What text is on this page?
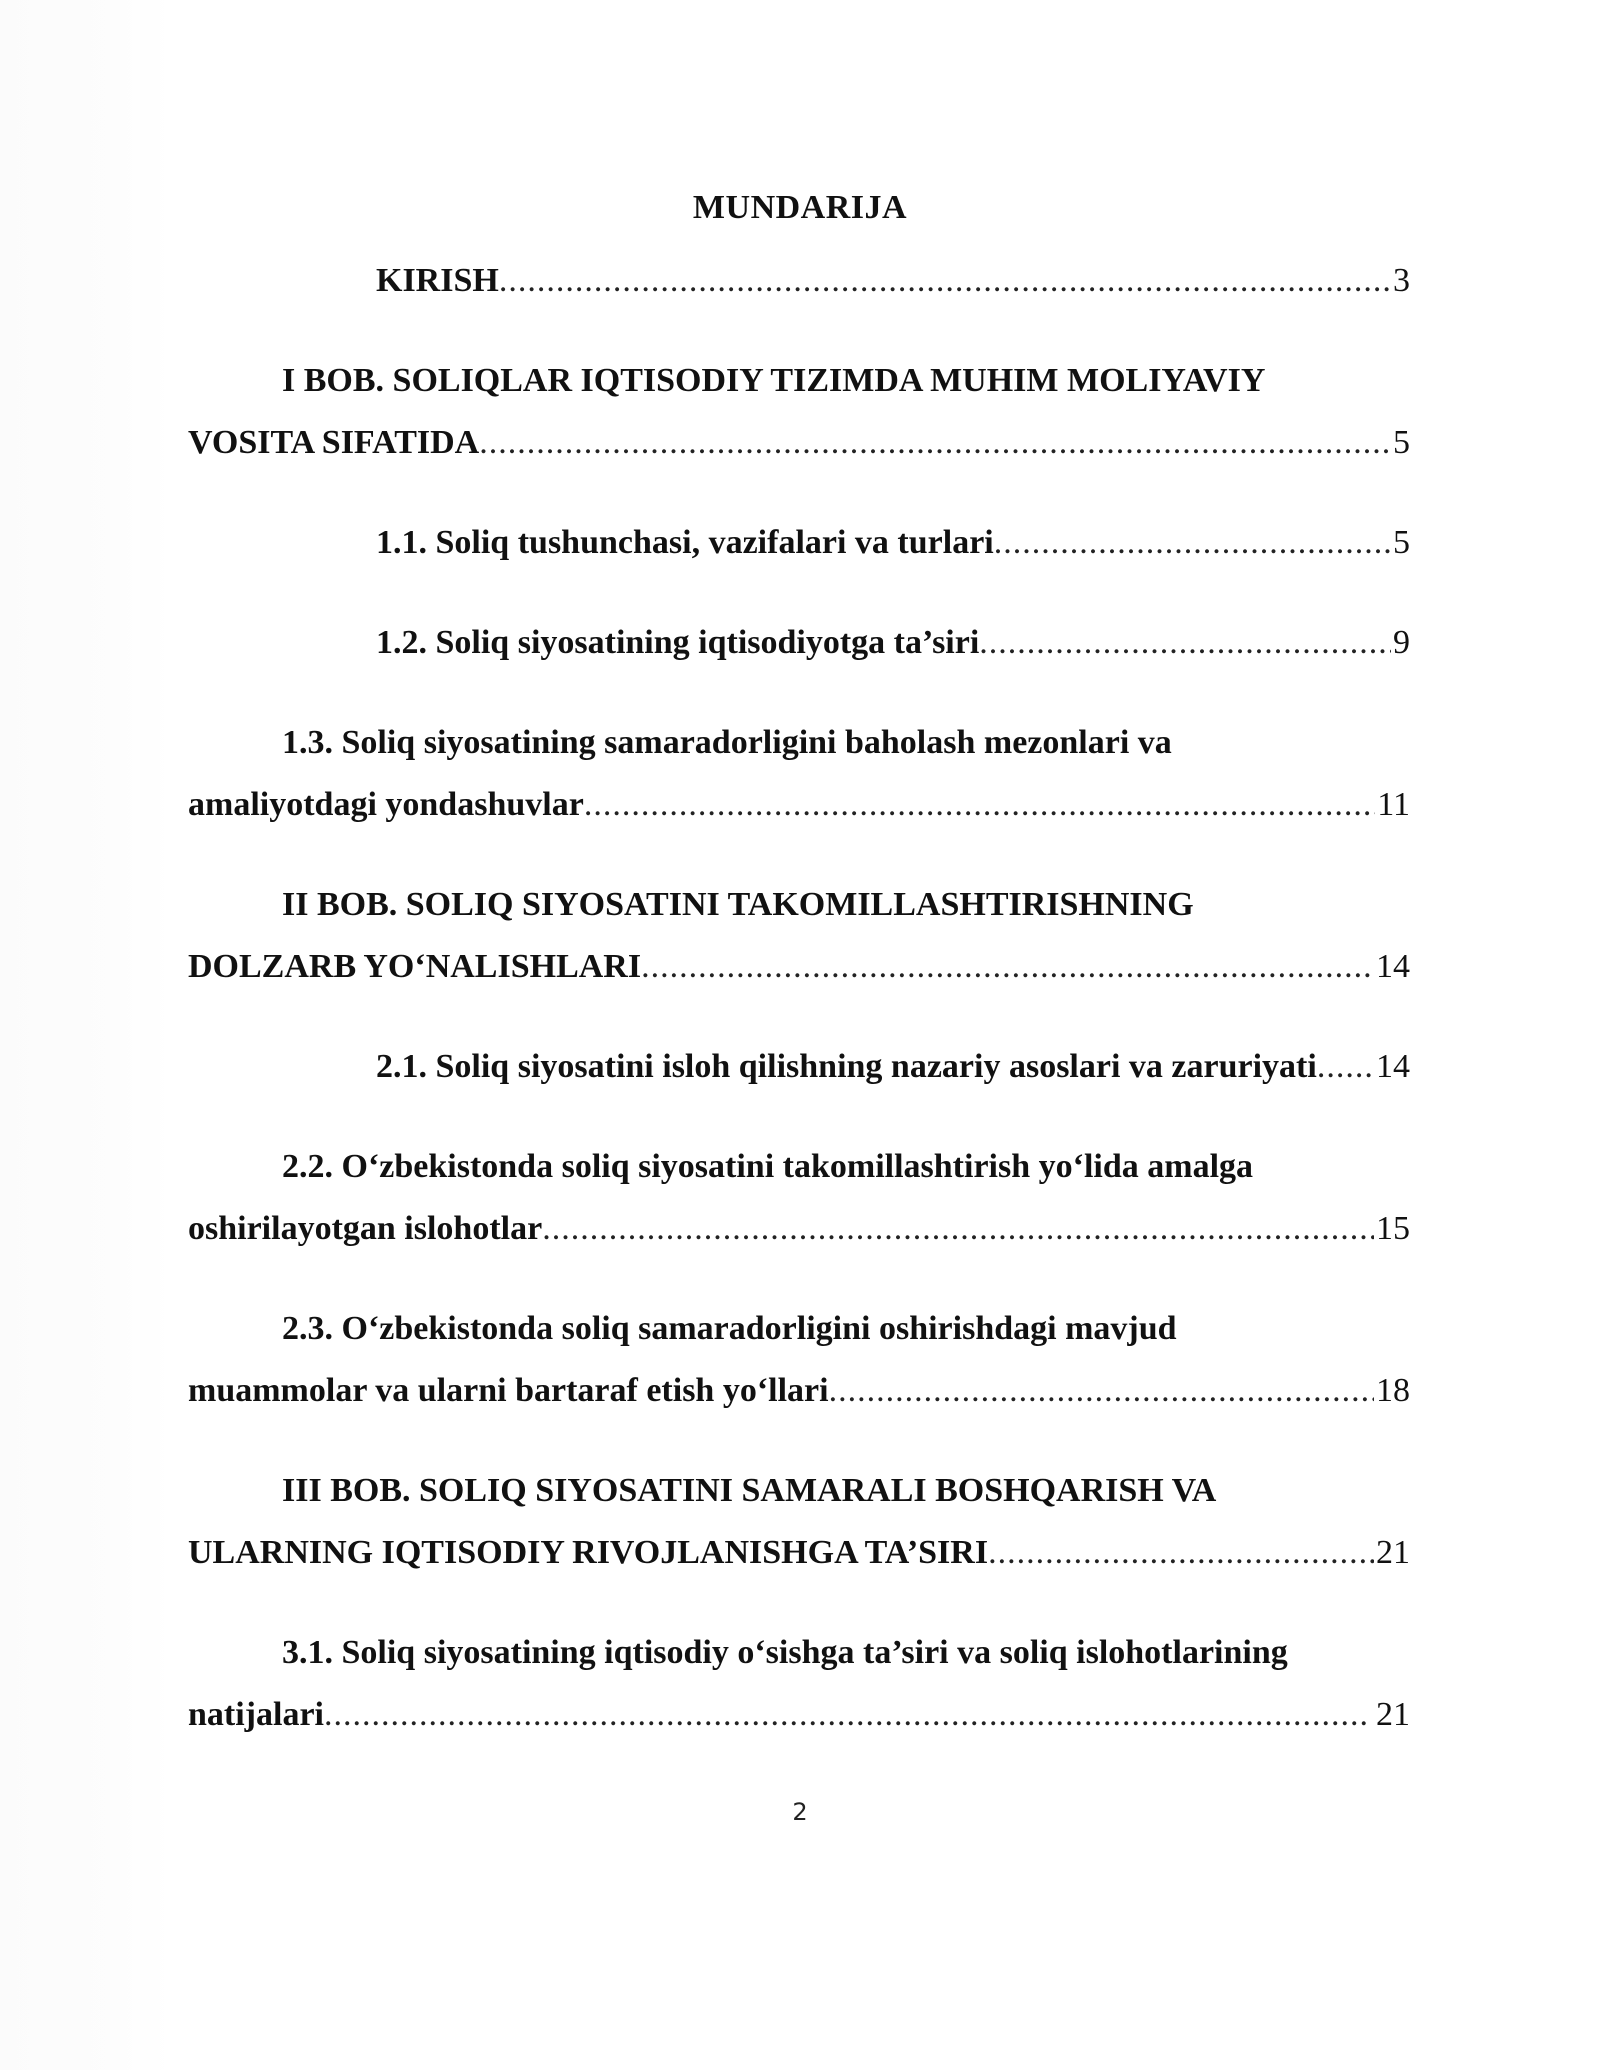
MUNDARIJA
KIRISH .....	3
I BOB. SOLIQLAR IQTISODIY TIZIMDA MUHIM MOLIYAVIY
VOSITA SIFATIDA .....	5
1.1. Soliq tushunchasi, vazifalari va turlari .....	5
1.2. Soliq siyosatining iqtisodiyotga ta’siri .....	9
1.3. Soliq siyosatining samaradorligini baholash mezonlari va
amaliyotdagi yondashuvlar .....	11
II BOB. SOLIQ SIYOSATINI TAKOMILLASHTIRISHNING
DOLZARB YO‘NALISHLARI .....	14
2.1. Soliq siyosatini isloh qilishning nazariy asoslari va zaruriyati ..... 14
2.2. O‘zbekistonda soliq siyosatini takomillashtirish yo‘lida amalga
oshirilayotgan islohotlar .....	15
2.3. O‘zbekistonda soliq samaradorligini oshirishdagi mavjud
muammolar va ularni bartaraf etish yo‘llari .....	18
III BOB. SOLIQ SIYOSATINI SAMARALI BOSHQARISH VA
ULARNING IQTISODIY RIVOJLANISHGA TA’SIRI .....	21
3.1. Soliq siyosatining iqtisodiy o‘sishga ta’siri va soliq islohotlarining
natijalari .....	21
2
